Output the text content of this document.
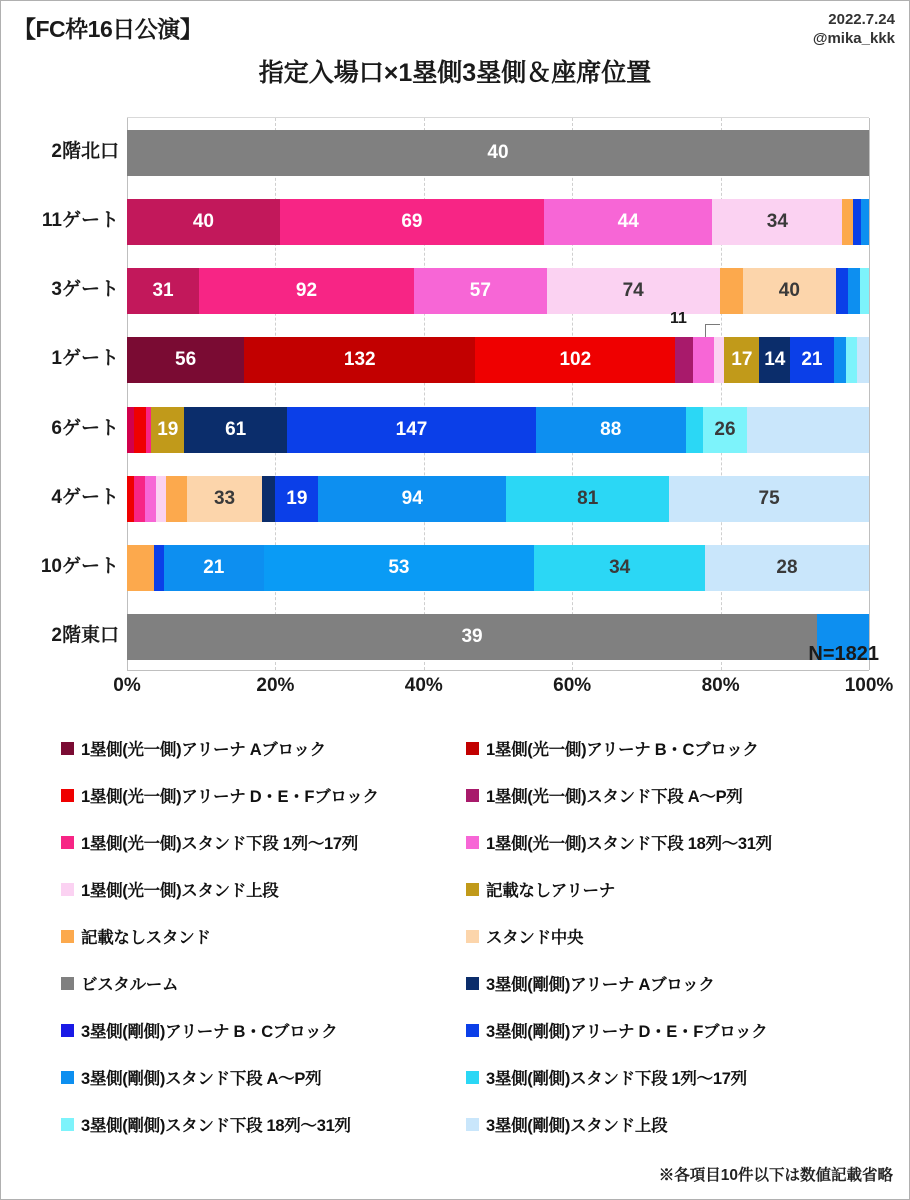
【FC枠16日公演】	2022.7.24
@mika_kkk
指定入場口×1塁側3塁側＆座席位置
2階北口
11ゲート
3ゲート
1ゲート
6ゲート
4ゲート
10ゲート
2階東口
40
40	69	44	34
31	92	57	74	40
56	132	102	17 14 21
19	61	147	88	26
33	19	94	81	75
21	53	34	28
39
0%	20%	40%	60%	80%	100%
N=1821
11
1塁側(光一側)アリーナ Aブロック	1塁側(光一側)アリーナ B・Cブロック
1塁側(光一側)アリーナ D・E・Fブロック	1塁側(光一側)スタンド下段 A～P列
1塁側(光一側)スタンド下段 1列～17列	1塁側(光一側)スタンド下段 18列～31列
1塁側(光一側)スタンド上段	記載なしアリーナ
記載なしスタンド	スタンド中央
ビスタルーム	3塁側(剛側)アリーナ Aブロック
3塁側(剛側)アリーナ B・Cブロック	3塁側(剛側)アリーナ D・E・Fブロック
3塁側(剛側)スタンド下段 A～P列	3塁側(剛側)スタンド下段 1列～17列
3塁側(剛側)スタンド下段 18列～31列	3塁側(剛側)スタンド上段
※各項目10件以下は数値記載省略
